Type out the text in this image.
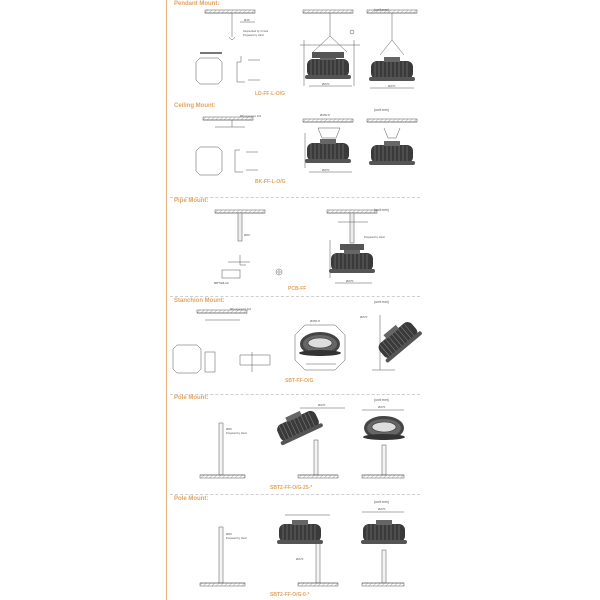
Pendant Mount:
Ceiling Mount:
Pipe Mount:
Stanchion Mount:
Pole Mount:
Pole Mount:
LD-FF-L-O/G
BK-FF-L-O/G
PCB-FF
SBT-FF-O/G
SBT2-FF-O/G-25-*
SBT2-FF-O/G-0-*
(unit:mm)
(unit:mm)
(unit:mm)
(unit:mm)
(unit:mm)
(unit:mm)
Ø270	Ø270
Ø16
Suspended by 4 hook
Prepared by client
Ø250.8
Ø270
M8 expansion bolt
Ø270
Ø60
Prepared by client
NPT3/4-14
Ø270
Ø250.8
M8 expansion bolt
Ø60
Ø270	Ø270
Prepared by client
Ø60
Ø270
Ø270
Prepared by client
